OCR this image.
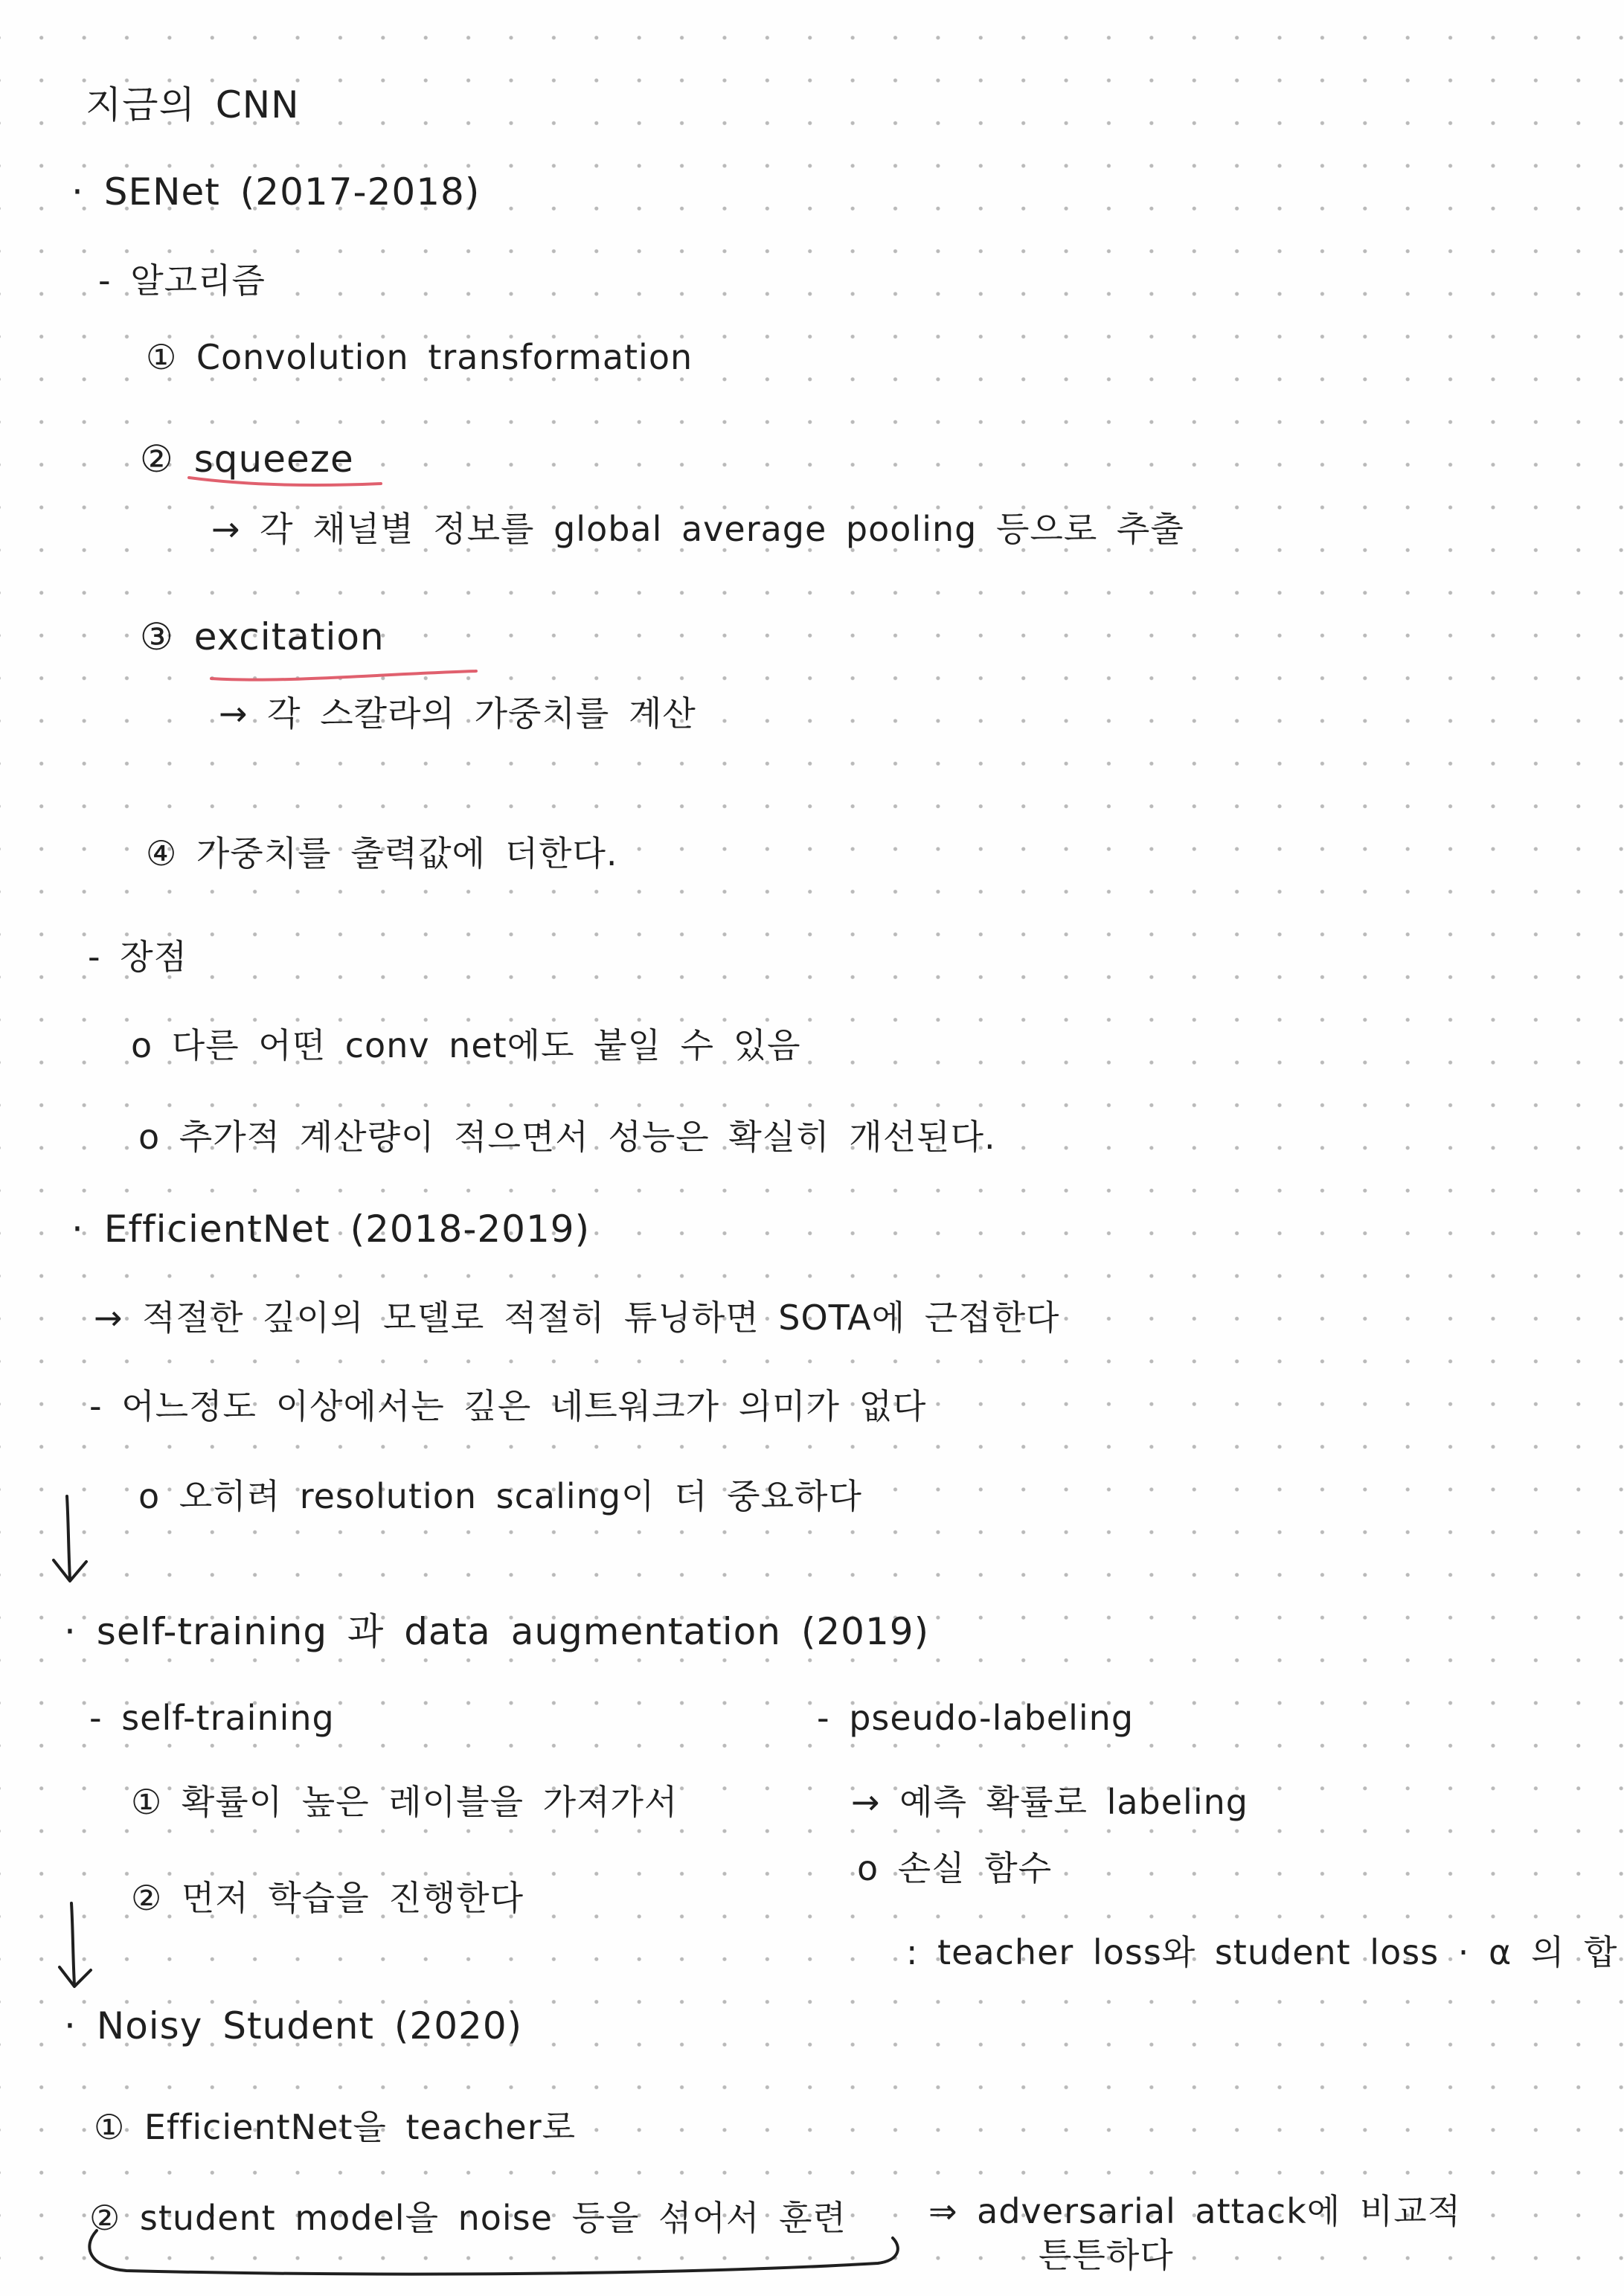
지금의 CNN
· SENet (2017-2018)
- 알고리즘
① Convolution transformation
② squeeze
→ 각 채널별 정보를 global average pooling 등으로 추출
③ excitation
→ 각 스칼라의 가중치를 계산
④ 가중치를 출력값에 더한다.
- 장점
o 다른 어떤 conv net에도 붙일 수 있음
o 추가적 계산량이 적으면서 성능은 확실히 개선된다.
· EfficientNet (2018-2019)
→ 적절한 깊이의 모델로 적절히 튜닝하면 SOTA에 근접한다
- 어느정도 이상에서는 깊은 네트워크가 의미가 없다
o 오히려 resolution scaling이 더 중요하다
· self-training 과 data augmentation (2019)
- self-training
① 확률이 높은 레이블을 가져가서
② 먼저 학습을 진행한다
- pseudo-labeling
→ 예측 확률로 labeling
o 손실 함수
: teacher loss와 student loss · α 의 합
· Noisy Student (2020)
① EfficientNet을 teacher로
② student model을 noise 등을 섞어서 훈련 ⇒ adversarial attack에 비교적
튼튼하다
